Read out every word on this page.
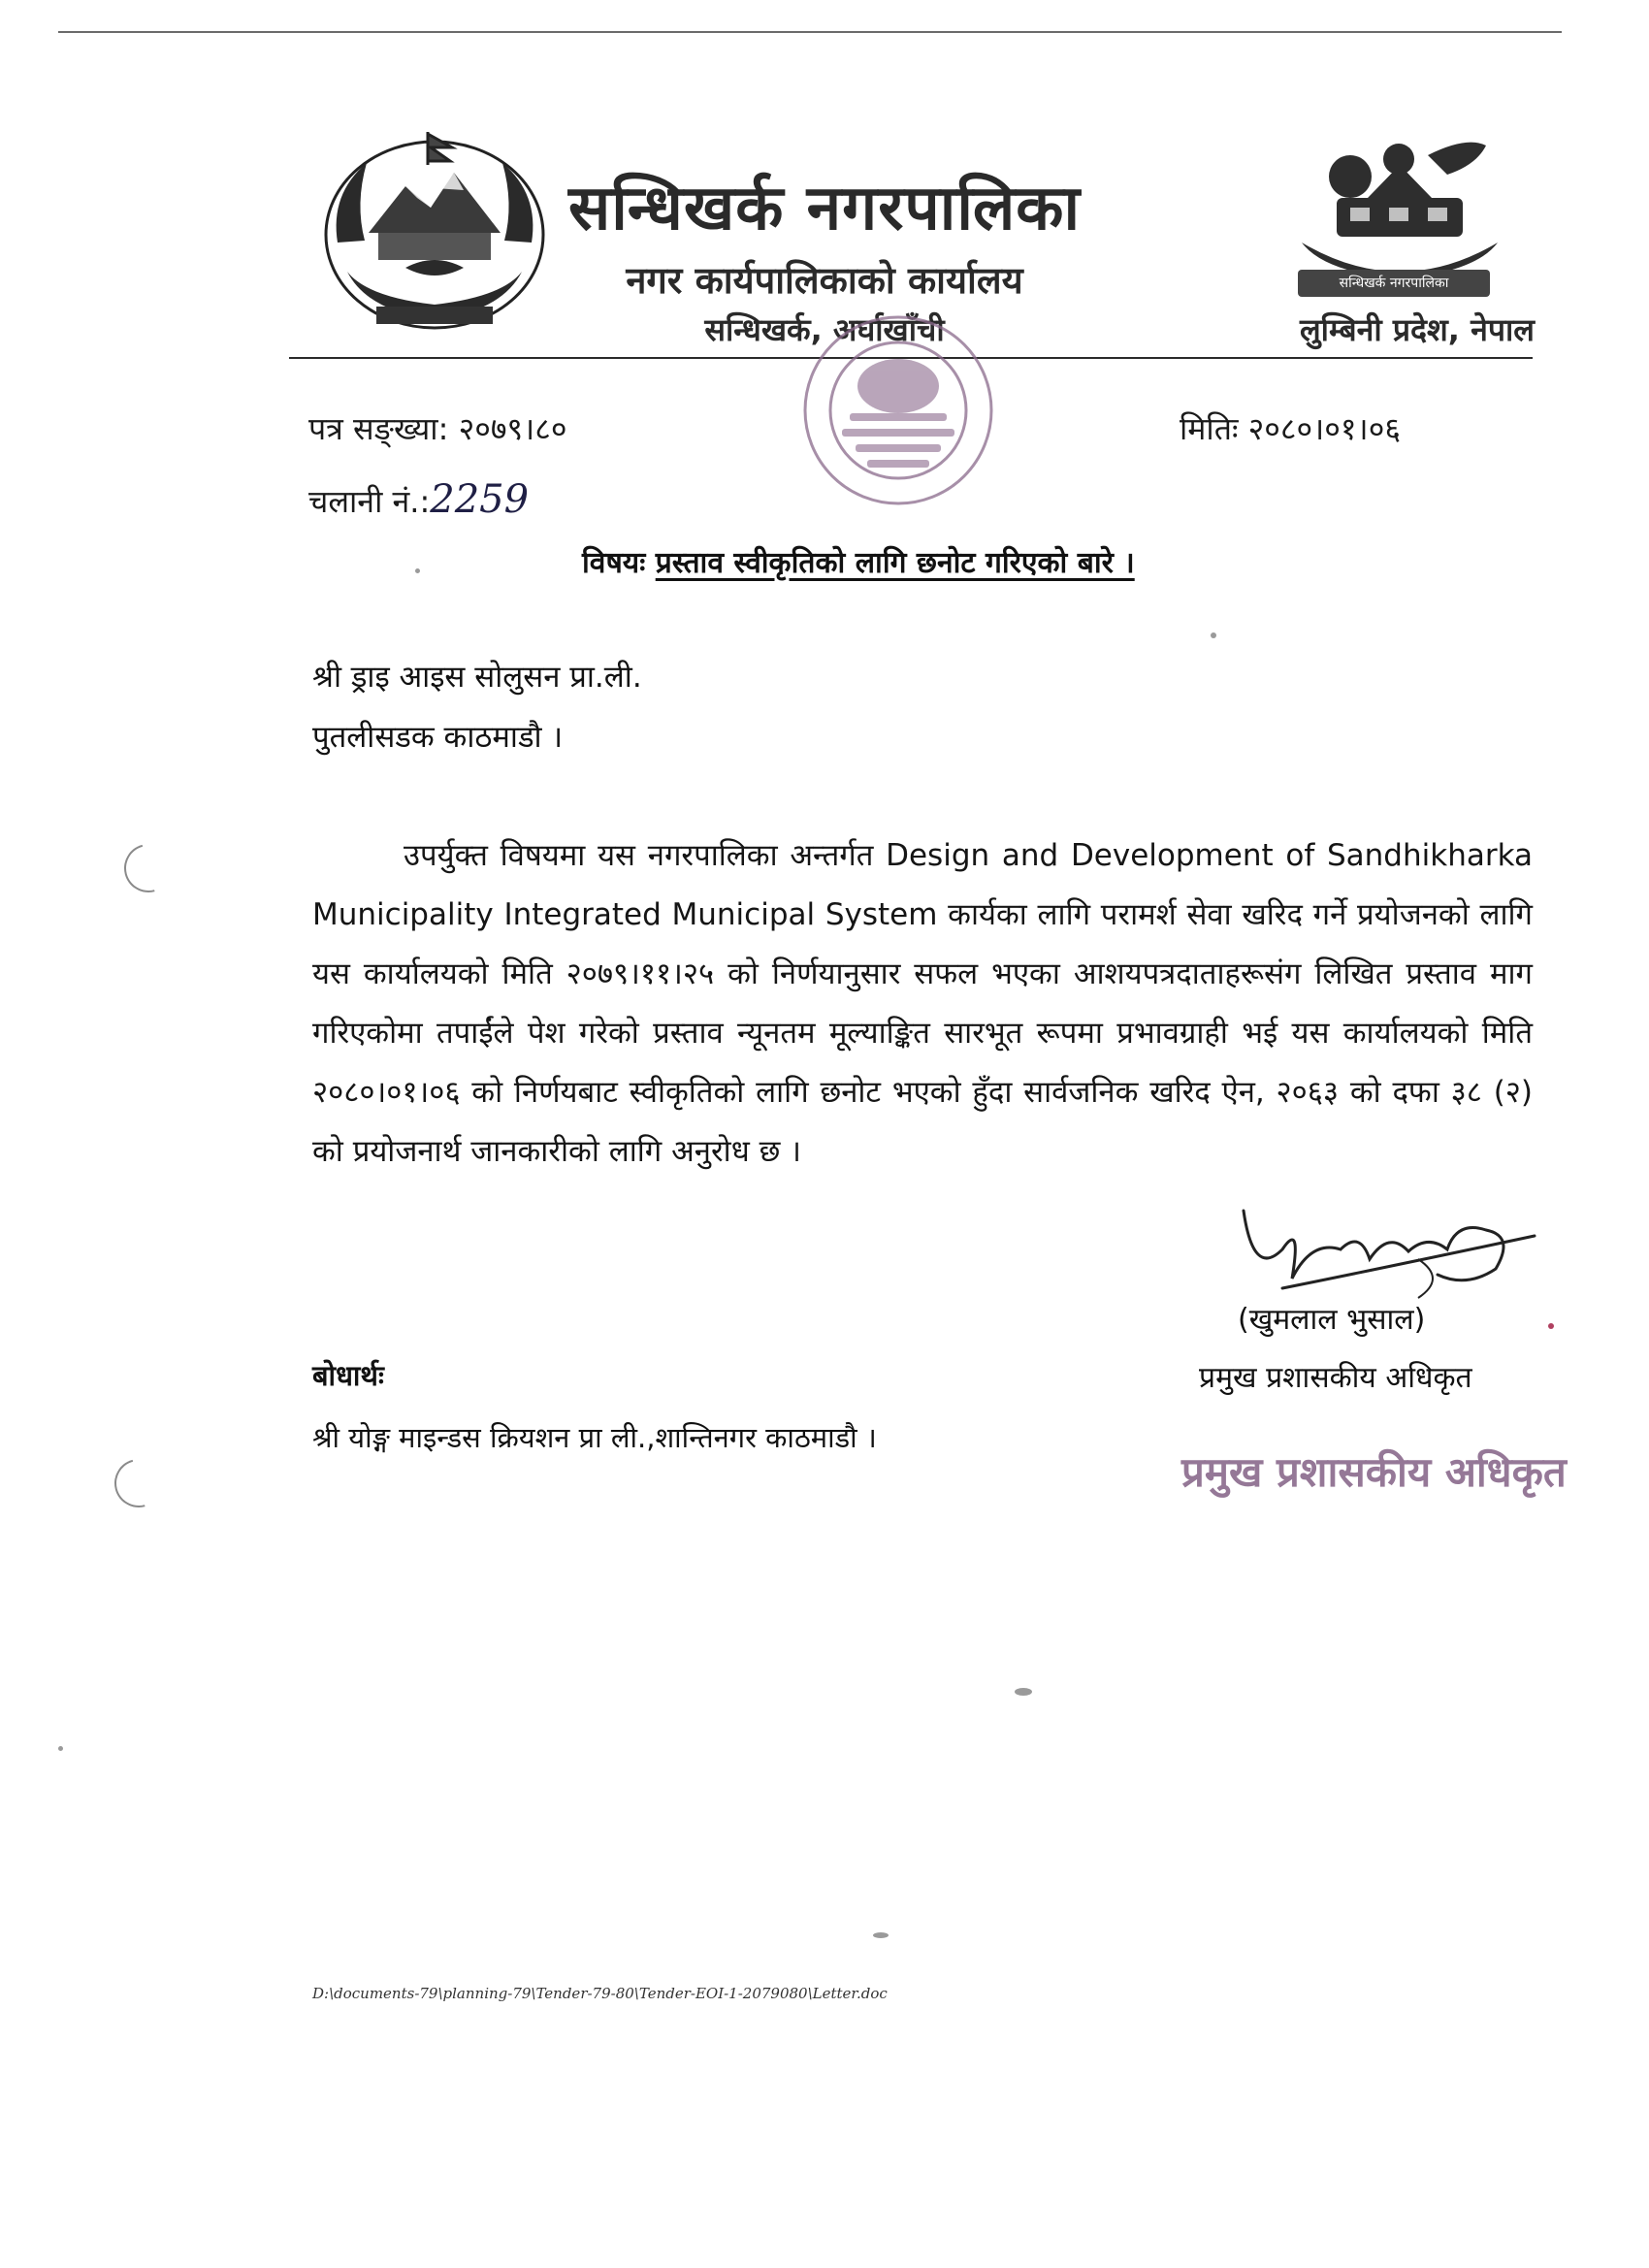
सन्धिखर्क नगरपालिका
सन्धिखर्क नगरपालिका
नगर कार्यपालिकाको कार्यालय
सन्धिखर्क, अर्घाखाँची	लुम्बिनी प्रदेश, नेपाल
पत्र सङ्ख्या: २०७९।८०	मितिः २०८०।०१।०६
चलानी नं.:2259
विषयः प्रस्ताव स्वीकृतिको लागि छनोट गरिएको बारे ।
श्री ड्राइ आइस सोलुसन प्रा.ली.
पुतलीसडक काठमाडौ ।
उपर्युक्त विषयमा यस नगरपालिका अन्तर्गत Design and Development of Sandhikharka Municipality Integrated Municipal System कार्यका लागि परामर्श सेवा खरिद गर्ने प्रयोजनको लागि यस कार्यालयको मिति २०७९।११।२५ को निर्णयानुसार सफल भएका आशयपत्रदाताहरूसंग लिखित प्रस्ताव माग गरिएकोमा तपाईंले पेश गरेको प्रस्ताव न्यूनतम मूल्याङ्कित सारभूत रूपमा प्रभावग्राही भई यस कार्यालयको मिति २०८०।०१।०६ को निर्णयबाट स्वीकृतिको लागि छनोट भएको हुँदा सार्वजनिक खरिद ऐन, २०६३ को दफा ३८ (२) को प्रयोजनार्थ जानकारीको लागि अनुरोध छ ।
(खुमलाल भुसाल)
प्रमुख प्रशासकीय अधिकृत
प्रमुख प्रशासकीय अधिकृत
बोधार्थः
श्री योङ्ग माइन्डस क्रियशन प्रा ली.,शान्तिनगर काठमाडौ ।
D:\documents-79\planning-79\Tender-79-80\Tender-EOI-1-2079080\Letter.doc
